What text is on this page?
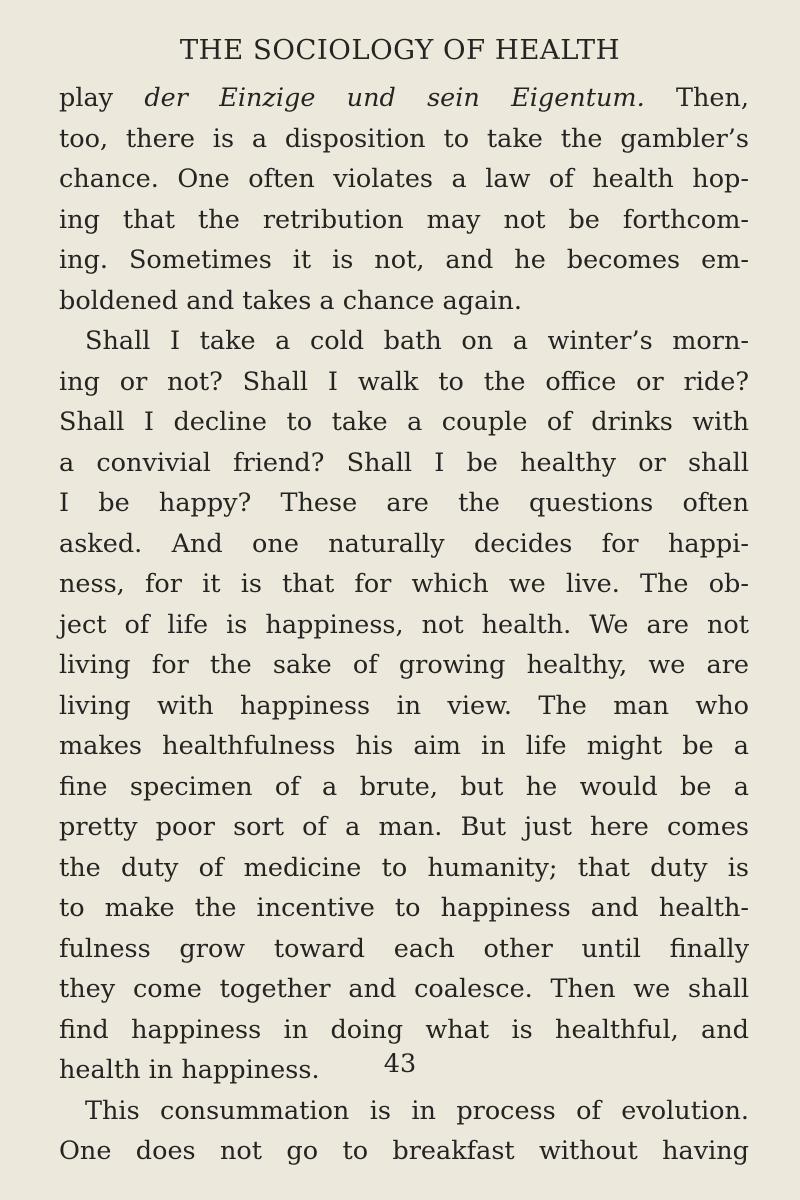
THE SOCIOLOGY OF HEALTH
play der Einzige und sein Eigentum. Then,
too, there is a disposition to take the gambler’s
chance. One often violates a law of health hop-
ing that the retribution may not be forthcom-
ing. Sometimes it is not, and he becomes em-
boldened and takes a chance again.
Shall I take a cold bath on a winter’s morn-
ing or not? Shall I walk to the office or ride?
Shall I decline to take a couple of drinks with
a convivial friend? Shall I be healthy or shall
I be happy? These are the questions often
asked. And one naturally decides for happi-
ness, for it is that for which we live. The ob-
ject of life is happiness, not health. We are not
living for the sake of growing healthy, we are
living with happiness in view. The man who
makes healthfulness his aim in life might be a
fine specimen of a brute, but he would be a
pretty poor sort of a man. But just here comes
the duty of medicine to humanity; that duty is
to make the incentive to happiness and health-
fulness grow toward each other until finally
they come together and coalesce. Then we shall
find happiness in doing what is healthful, and
health in happiness.
This consummation is in process of evolution.
One does not go to breakfast without having
43
